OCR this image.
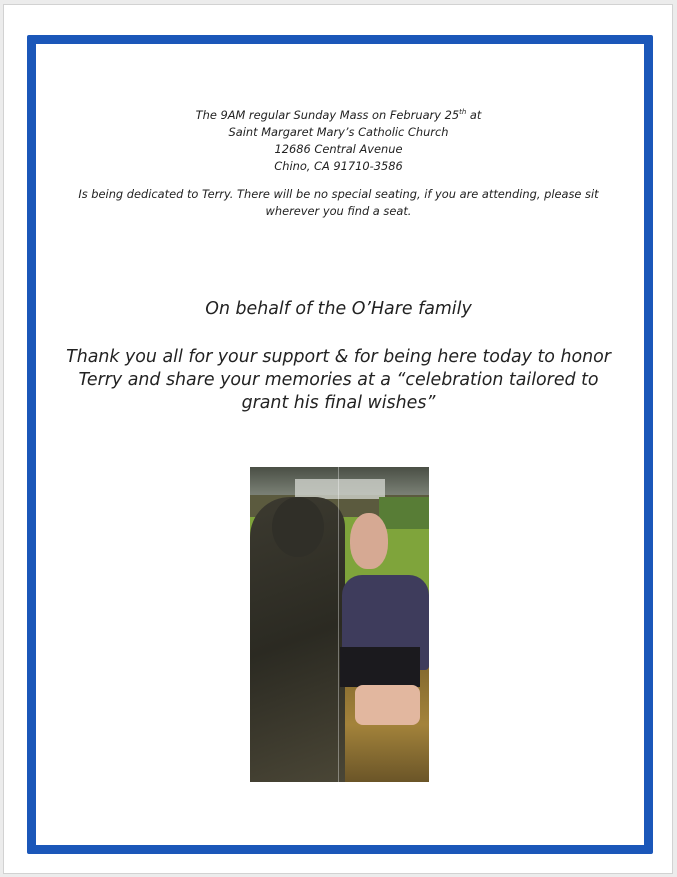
The 9AM regular Sunday Mass on February 25th at
Saint Margaret Mary’s Catholic Church
12686 Central Avenue
Chino, CA 91710-3586
Is being dedicated to Terry. There will be no special seating, if you are attending, please sit
wherever you find a seat.
On behalf of the O’Hare family
Thank you all for your support & for being here today to honor
Terry and share your memories at a “celebration tailored to
grant his final wishes”
